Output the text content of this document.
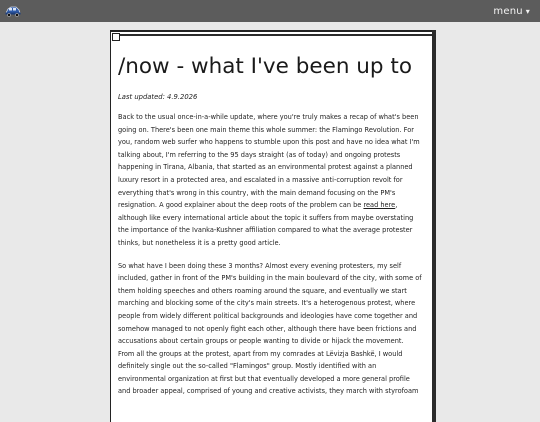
menu ▾
/now - what I've been up to
Last updated: 4.9.2026

Back to the usual once-in-a-while update, where you're truly makes a recap of what's been
going on. There's been one main theme this whole summer: the Flamingo Revolution. For
you, random web surfer who happens to stumble upon this post and have no idea what I'm
talking about, I'm referring to the 95 days straight (as of today) and ongoing protests
happening in Tirana, Albania, that started as an environmental protest against a planned
luxury resort in a protected area, and escalated in a massive anti-corruption revolt for
everything that's wrong in this country, with the main demand focusing on the PM's
resignation. A good explainer about the deep roots of the problem can be read here,
although like every international article about the topic it suffers from maybe overstating
the importance of the Ivanka-Kushner affiliation compared to what the average protester
thinks, but nonetheless it is a pretty good article.

So what have I been doing these 3 months? Almost every evening protesters, my self
included, gather in front of the PM's building in the main boulevard of the city, with some of
them holding speeches and others roaming around the square, and eventually we start
marching and blocking some of the city's main streets. It's a heterogenous protest, where
people from widely different political backgrounds and ideologies have come together and
somehow managed to not openly fight each other, although there have been frictions and
accusations about certain groups or people wanting to divide or hijack the movement.
From all the groups at the protest, apart from my comrades at Lëvizja Bashkë, I would
definitely single out the so-called "Flamingos" group. Mostly identified with an
environmental organization at first but that eventually developed a more general profile
and broader appeal, comprised of young and creative activists, they march with styrofoam
